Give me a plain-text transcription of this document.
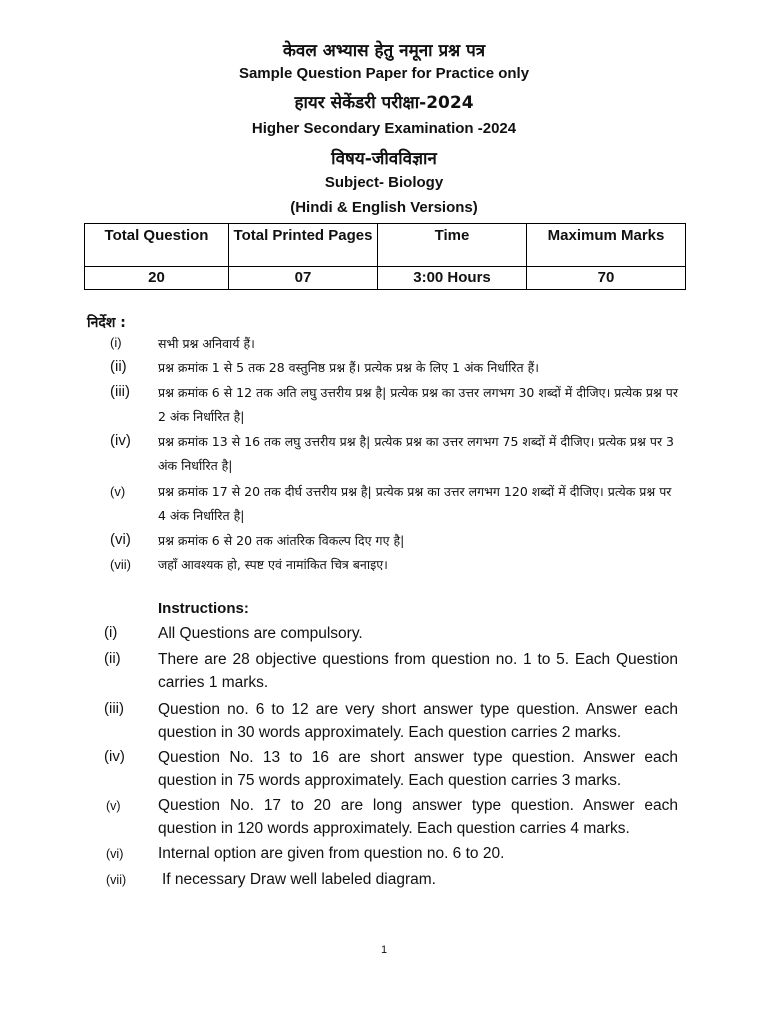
केवल अभ्यास हेतु नमूना प्रश्न पत्र
Sample Question Paper for Practice only
हायर सेकेंडरी परीक्षा-2024
Higher Secondary Examination -2024
विषय-जीवविज्ञान
Subject- Biology
(Hindi & English Versions)
Total Question	Total Printed Pages	Time	Maximum Marks
20	07	3:00 Hours	70
निर्देश :
(i)	सभी प्रश्न अनिवार्य हैं।
(ii)	प्रश्न क्रमांक 1 से 5 तक 28 वस्तुनिष्ठ प्रश्न हैं। प्रत्येक प्रश्न के लिए 1 अंक निर्धारित हैं।
(iii) प्रश्न क्रमांक 6 से 12 तक अति लघु उत्तरीय प्रश्न है| प्रत्येक प्रश्न का उत्तर लगभग 30 शब्दों में दीजिए। प्रत्येक प्रश्न पर 2 अंक निर्धारित है|
(iv) प्रश्न क्रमांक 13 से 16 तक लघु उत्तरीय प्रश्न है| प्रत्येक प्रश्न का उत्तर लगभग 75 शब्दों में दीजिए। प्रत्येक प्रश्न पर 3 अंक निर्धारित है|
(v)	प्रश्न क्रमांक 17 से 20 तक दीर्घ उत्तरीय प्रश्न है| प्रत्येक प्रश्न का उत्तर लगभग 120 शब्दों में दीजिए। प्रत्येक प्रश्न पर 4 अंक निर्धारित है|
(vi) प्रश्न क्रमांक 6 से 20 तक आंतरिक विकल्प दिए गए है|
(vii) जहाँ आवश्यक हो, स्पष्ट एवं नामांकित चित्र बनाइए।
Instructions:
(i)	All Questions are compulsory.
(ii) There are 28 objective questions from question no. 1 to 5. Each Question carries 1 marks.
(iii) Question no. 6 to 12 are very short answer type question. Answer each question in 30 words approximately. Each question carries 2 marks.
(iv) Question No. 13 to 16 are short answer type question. Answer each question in 75 words approximately. Each question carries 3 marks.
(v) Question No. 17 to 20 are long answer type question. Answer each question in 120 words approximately. Each question carries 4 marks.
(vi) Internal option are given from question no. 6 to 20.
(vii) If necessary Draw well labeled diagram.
1
